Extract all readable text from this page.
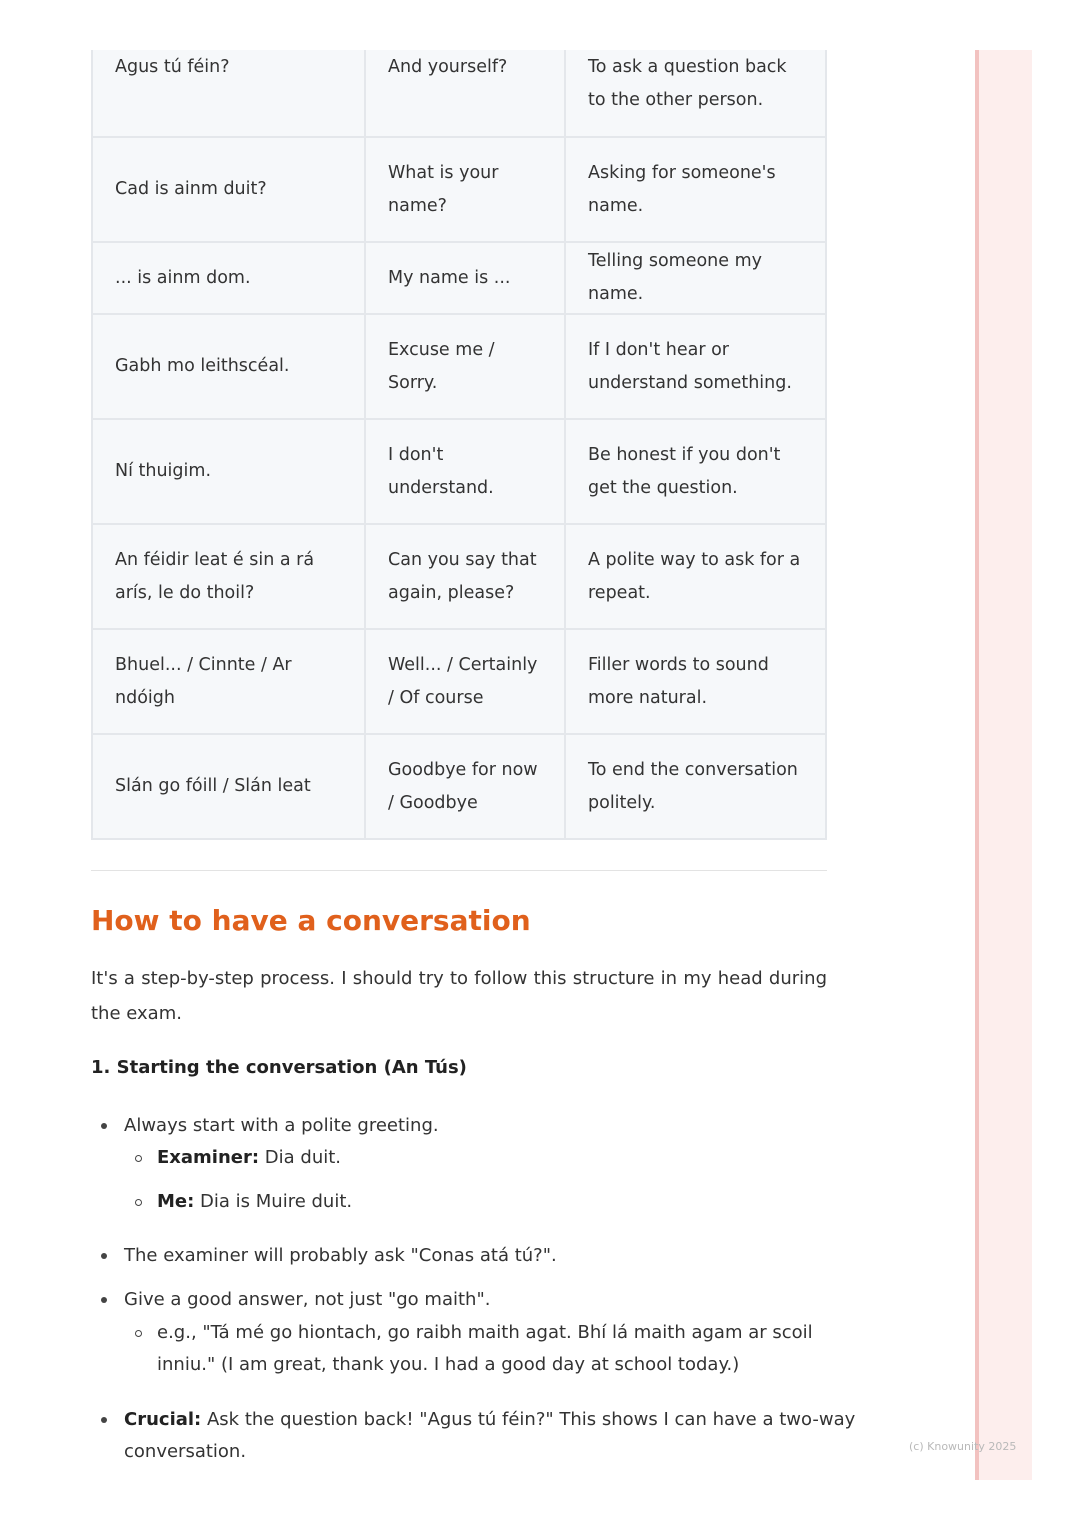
(c) Knowunity 2025
Agus tú féin?	And yourself?	To ask a question back to the other person.
Cad is ainm duit?	What is your name?	Asking for someone's name.
... is ainm dom.	My name is ...	Telling someone my name.
Gabh mo leithscéal.	Excuse me / Sorry.	If I don't hear or understand something.
Ní thuigim.	I don't understand.	Be honest if you don't get the question.
An féidir leat é sin a rá arís, le do thoil?	Can you say that again, please?	A polite way to ask for a repeat.
Bhuel... / Cinnte / Ar ndóigh	Well... / Certainly / Of course	Filler words to sound more natural.
Slán go fóill / Slán leat	Goodbye for now / Goodbye	To end the conversation politely.
How to have a conversation

It's a step-by-step process. I should try to follow this structure in my head during the exam.

1. Starting the conversation (An Tús)
Always start with a polite greeting.
Examiner: Dia duit.
Me: Dia is Muire duit.
The examiner will probably ask "Conas atá tú?".
Give a good answer, not just "go maith".
e.g., "Tá mé go hiontach, go raibh maith agat. Bhí lá maith agam ar scoil
inniu." (I am great, thank you. I had a good day at school today.)
Crucial: Ask the question back! "Agus tú féin?" This shows I can have a two-way
conversation.
